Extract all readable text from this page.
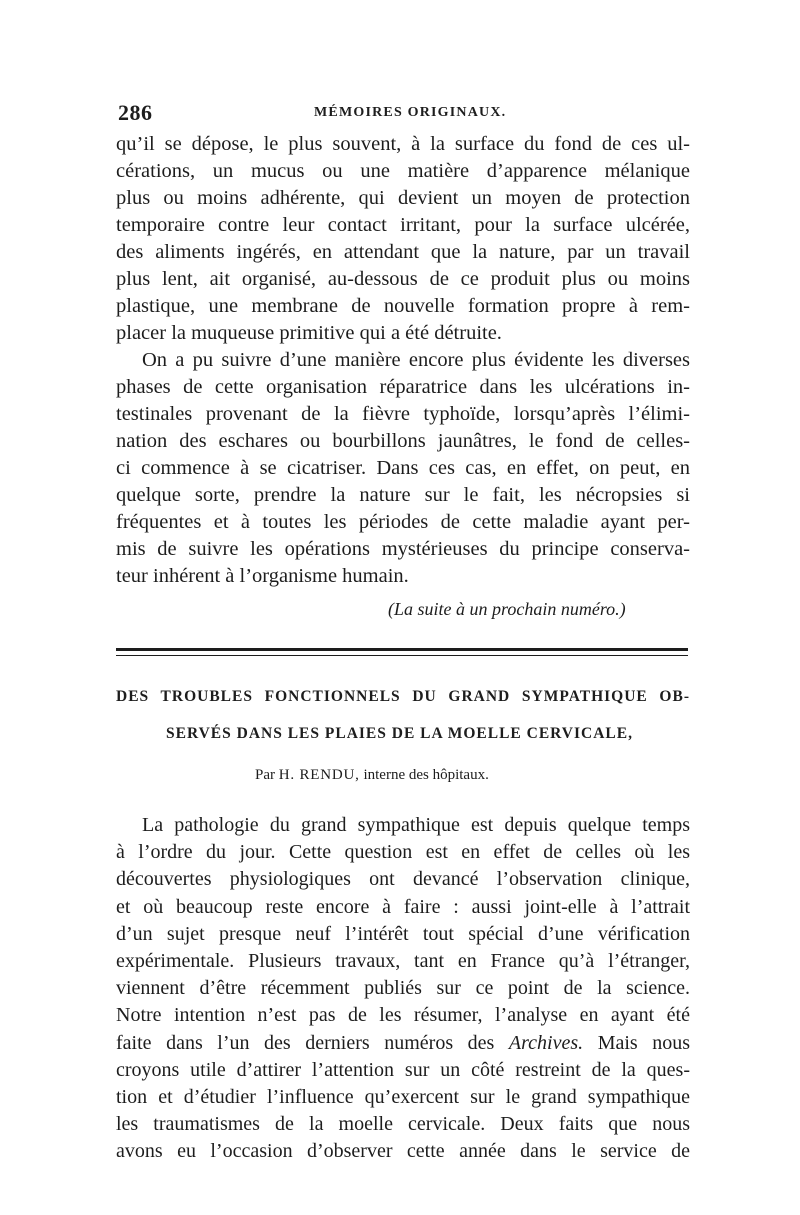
286	MÉMOIRES ORIGINAUX.
qu’il se dépose, le plus souvent, à la surface du fond de ces ul-
cérations, un mucus ou une matière d’apparence mélanique
plus ou moins adhérente, qui devient un moyen de protection
temporaire contre leur contact irritant, pour la surface ulcérée,
des aliments ingérés, en attendant que la nature, par un travail
plus lent, ait organisé, au-dessous de ce produit plus ou moins
plastique, une membrane de nouvelle formation propre à rem-
placer la muqueuse primitive qui a été détruite.
On a pu suivre d’une manière encore plus évidente les diverses
phases de cette organisation réparatrice dans les ulcérations in-
testinales provenant de la fièvre typhoïde, lorsqu’après l’élimi-
nation des eschares ou bourbillons jaunâtres, le fond de celles-
ci commence à se cicatriser. Dans ces cas, en effet, on peut, en
quelque sorte, prendre la nature sur le fait, les nécropsies si
fréquentes et à toutes les périodes de cette maladie ayant per-
mis de suivre les opérations mystérieuses du principe conserva-
teur inhérent à l’organisme humain.
(La suite à un prochain numéro.)
DES TROUBLES FONCTIONNELS DU GRAND SYMPATHIQUE OB-
SERVÉS DANS LES PLAIES DE LA MOELLE CERVICALE,
Par H. RENDU, interne des hôpitaux.
La pathologie du grand sympathique est depuis quelque temps
à l’ordre du jour. Cette question est en effet de celles où les
découvertes physiologiques ont devancé l’observation clinique,
et où beaucoup reste encore à faire : aussi joint-elle à l’attrait
d’un sujet presque neuf l’intérêt tout spécial d’une vérification
expérimentale. Plusieurs travaux, tant en France qu’à l’étranger,
viennent d’être récemment publiés sur ce point de la science.
Notre intention n’est pas de les résumer, l’analyse en ayant été
faite dans l’un des derniers numéros des Archives. Mais nous
croyons utile d’attirer l’attention sur un côté restreint de la ques-
tion et d’étudier l’influence qu’exercent sur le grand sympathique
les traumatismes de la moelle cervicale. Deux faits que nous
avons eu l’occasion d’observer cette année dans le service de
